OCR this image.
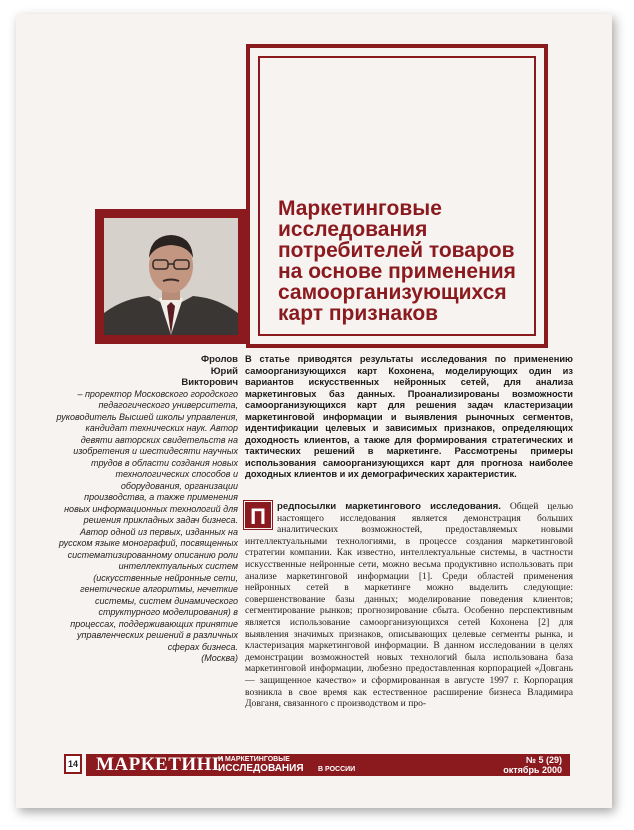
Маркетинговые
исследования
потребителей товаров
на основе применения
самоорганизующихся
карт признаков

Фролов

Юрий

Викторович

– проректор Московского городского педагогического университета, руководитель Высшей школы управления, кандидат технических наук. Автор девяти авторских свидетельств на изобретения и шестидесяти научных трудов в области создания новых технологических способов и оборудования, организации производства, а также применения новых информационных технологий для решения прикладных задач бизнеса. Автор одной из первых, изданных на русском языке монографий, посвященных систематизированному описанию роли интеллектуальных систем (искусственные нейронные сети, генетические алгоритмы, нечеткие системы, систем динамического структурного моделирования) в процессах, поддерживающих принятие управленческих решений в различных сферах бизнеса.

(Москва)

В статье приводятся результаты исследования по применению самоорганизующихся карт Кохонена, моделирующих один из вариантов искусственных нейронных сетей, для анализа маркетинговых баз данных. Проанализированы возможности самоорганизующихся карт для решения задач кластеризации маркетинговой информации и выявления рыночных сегментов, идентификации целевых и зависимых признаков, определяющих доходность клиентов, а также для формирования стратегических и тактических решений в маркетинге. Рассмотрены примеры использования самоорганизующихся карт для прогноза наиболее доходных клиентов и их демографических характеристик.

П	редпосылки маркетингового исследования. Общей целью настоящего исследования является демонстрация больших аналитических возможностей, предоставляемых новыми интеллектуальными технологиями, в процессе создания маркетинговой стратегии компании. Как известно, интеллектуальные системы, в частности искусственные нейронные сети, можно весьма продуктивно использовать при анализе маркетинговой информации [1]. Среди областей применения нейронных сетей в маркетинге можно выделить следующие: совершенствование базы данных; моделирование поведения клиентов; сегментирование рынков; прогнозирование сбыта. Особенно перспективным является использование самоорганизующихся сетей Кохонена [2] для выявления значимых признаков, описывающих целевые сегменты рынка, и кластеризация маркетинговой информации. В данном исследовании в целях демонстрации возможностей новых технологий была использована база маркетинговой информации, любезно предоставленная корпорацией «Довгань — защищенное качество» и сформированная в августе 1997 г. Корпорация возникла в свое время как естественное расширение бизнеса Владимира Довганя, связанного с производством и про-

14 МАРКЕТИНГ
И МАРКЕТИНГОВЫЕ
ИССЛЕДОВАНИЯ В РОССИИ
№ 5 (29)
октябрь 2000
